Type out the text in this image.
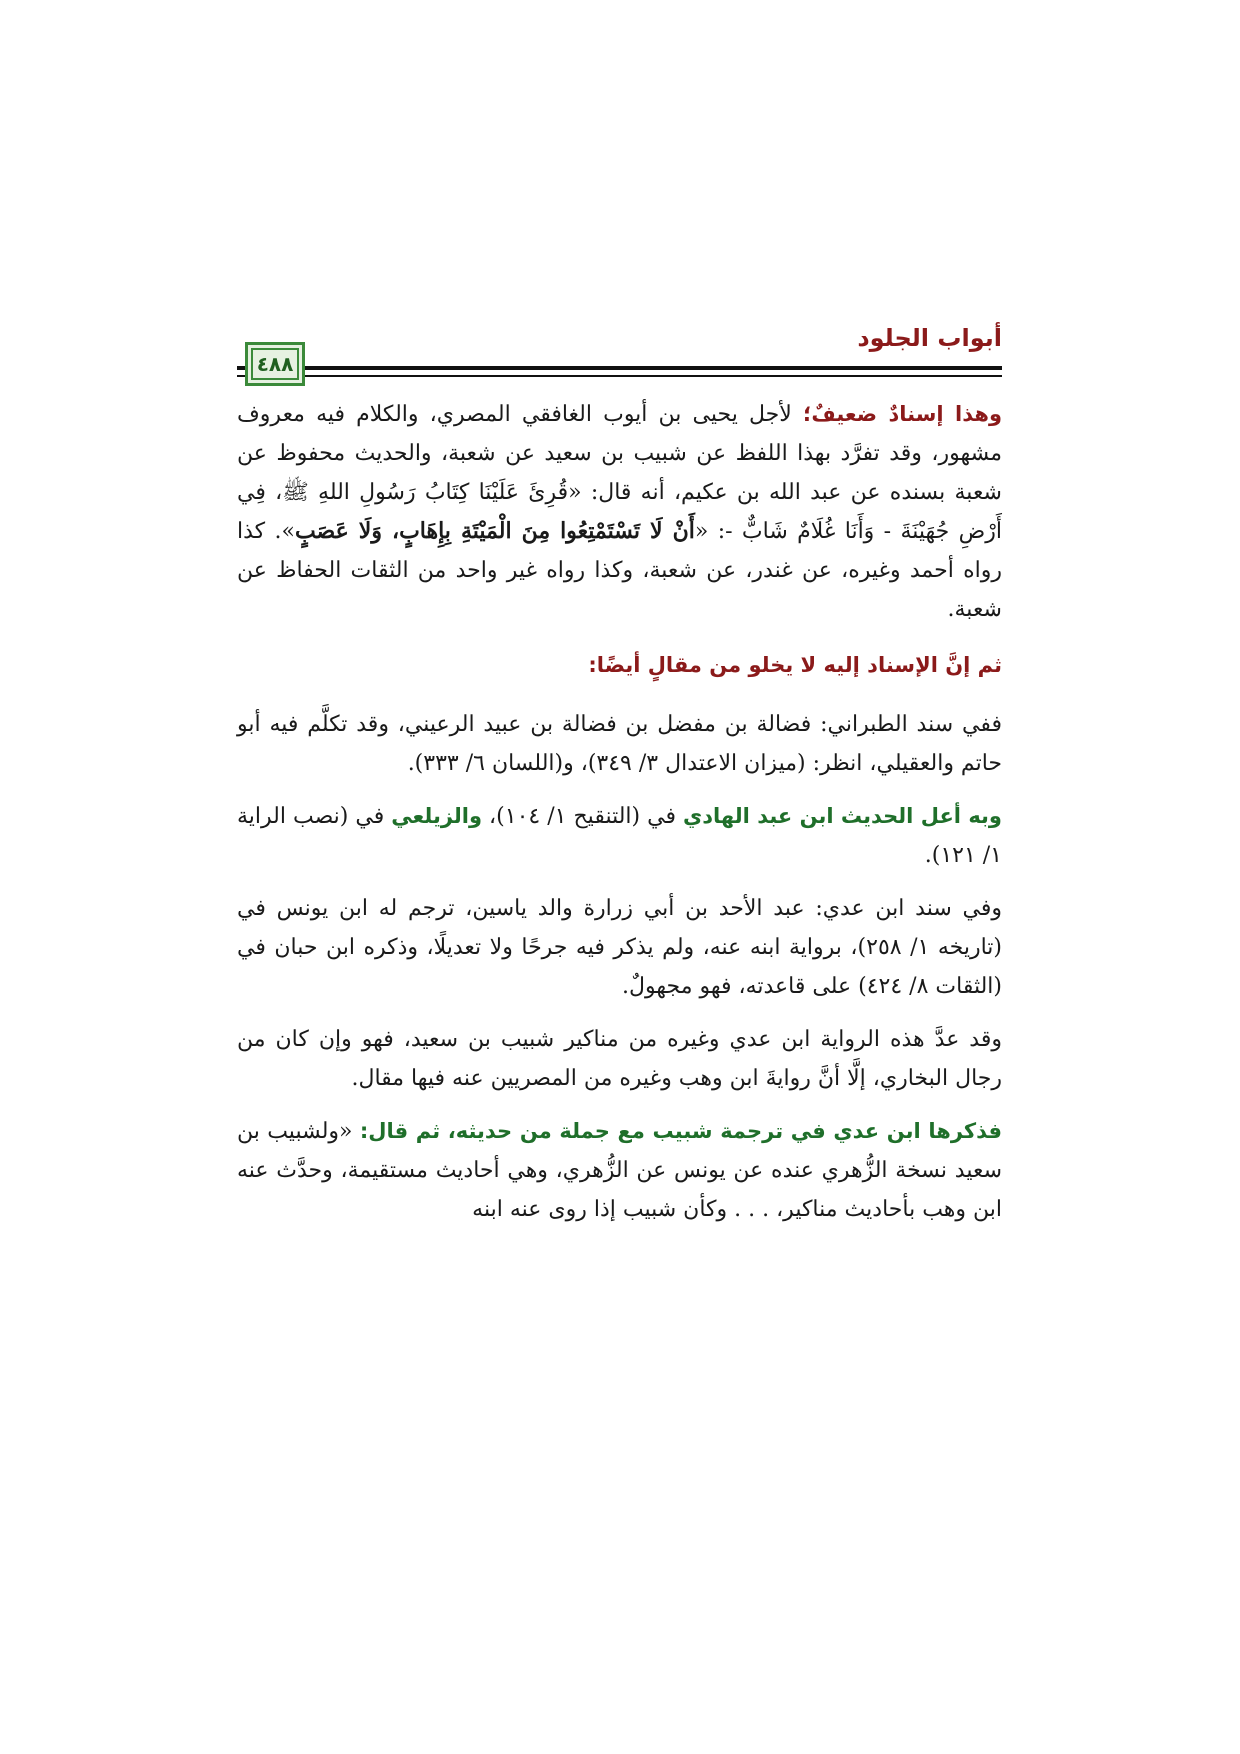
أبواب الجلود
٤٨٨

وهذا إسنادٌ ضعيفٌ؛ لأجل يحيى بن أيوب الغافقي المصري، والكلام فيه معروف مشهور، وقد تفرَّد بهذا اللفظ عن شبيب بن سعيد عن شعبة، والحديث محفوظ عن شعبة بسنده عن عبد الله بن عكيم، أنه قال: «قُرِئَ عَلَيْنَا كِتَابُ رَسُولِ اللهِ ﷺ، فِي أَرْضِ جُهَيْنَةَ - وَأَنَا غُلَامٌ شَابٌّ -: «أَنْ لَا تَسْتَمْتِعُوا مِنَ الْمَيْتَةِ بِإِهَابٍ، وَلَا عَصَبٍ». كذا رواه أحمد وغيره، عن غندر، عن شعبة، وكذا رواه غير واحد من الثقات الحفاظ عن شعبة.

ثم إنَّ الإسناد إليه لا يخلو من مقالٍ أيضًا:

ففي سند الطبراني: فضالة بن مفضل بن فضالة بن عبيد الرعيني، وقد تكلَّم فيه أبو حاتم والعقيلي، انظر: (ميزان الاعتدال ٣/ ٣٤٩)، و(اللسان ٦/ ٣٣٣).

وبه أعل الحديث ابن عبد الهادي في (التنقيح ١/ ١٠٤)، والزيلعي في (نصب الراية ١/ ١٢١).

وفي سند ابن عدي: عبد الأحد بن أبي زرارة والد ياسين، ترجم له ابن يونس في (تاريخه ١/ ٢٥٨)، برواية ابنه عنه، ولم يذكر فيه جرحًا ولا تعديلًا، وذكره ابن حبان في (الثقات ٨/ ٤٢٤) على قاعدته، فهو مجهولٌ.

وقد عدَّ هذه الرواية ابن عدي وغيره من مناكير شبيب بن سعيد، فهو وإن كان من رجال البخاري، إلَّا أنَّ روايةَ ابن وهب وغيره من المصريين عنه فيها مقال.

فذكرها ابن عدي في ترجمة شبيب مع جملة من حديثه، ثم قال: «ولشبيب بن سعيد نسخة الزُّهري عنده عن يونس عن الزُّهري، وهي أحاديث مستقيمة، وحدَّث عنه ابن وهب بأحاديث مناكير، . . . وكأن شبيب إذا روى عنه ابنه
